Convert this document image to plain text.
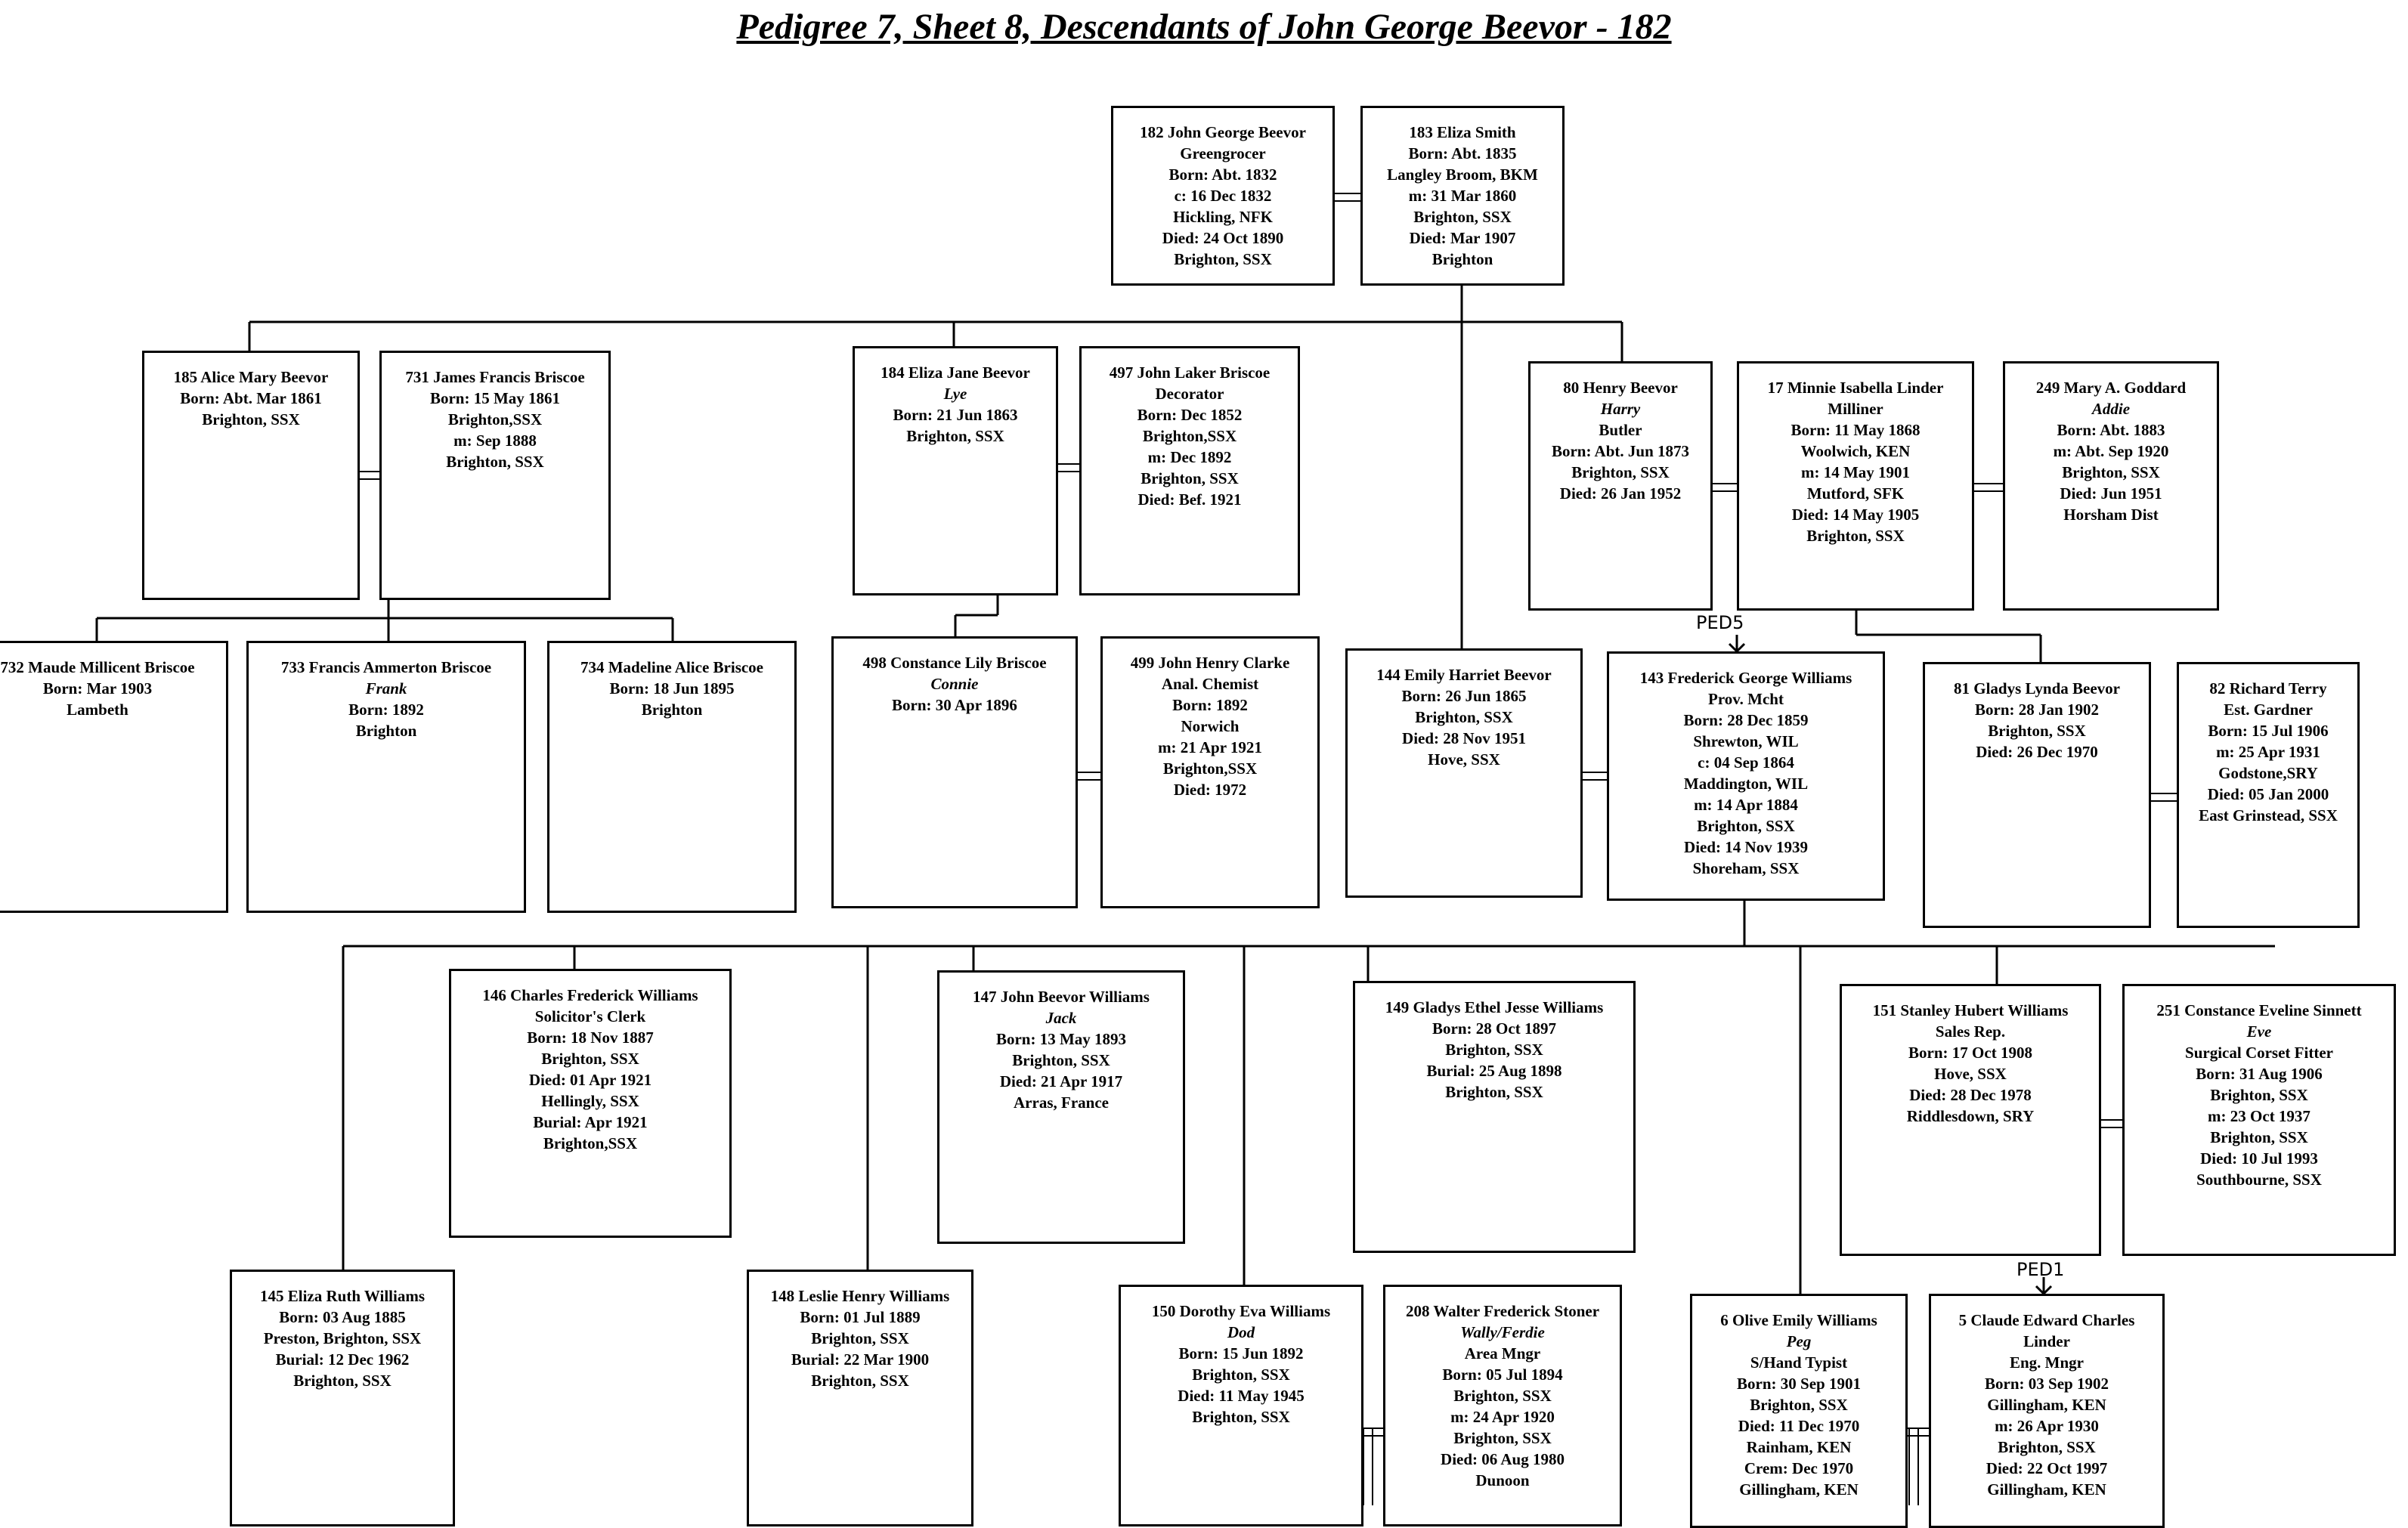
Pedigree 7, Sheet 8, Descendants of John George Beevor - 182
182 John George Beevor
Greengrocer
Born: Abt. 1832
c: 16 Dec 1832
Hickling, NFK
Died: 24 Oct 1890
Brighton, SSX
183 Eliza Smith
Born: Abt. 1835
Langley Broom, BKM
m: 31 Mar 1860
Brighton, SSX
Died: Mar 1907
Brighton
185 Alice Mary Beevor
Born: Abt. Mar 1861
Brighton, SSX
731 James Francis Briscoe
Born: 15 May 1861
Brighton,SSX
m: Sep 1888
Brighton, SSX
184 Eliza Jane Beevor
Lye
Born: 21 Jun 1863
Brighton, SSX
497 John Laker Briscoe
Decorator
Born: Dec 1852
Brighton,SSX
m: Dec 1892
Brighton, SSX
Died: Bef. 1921
80 Henry Beevor
Harry
Butler
Born: Abt. Jun 1873
Brighton, SSX
Died: 26 Jan 1952
17 Minnie Isabella Linder
Milliner
Born: 11 May 1868
Woolwich, KEN
m: 14 May 1901
Mutford, SFK
Died: 14 May 1905
Brighton, SSX
249 Mary A. Goddard
Addie
Born: Abt. 1883
m: Abt. Sep 1920
Brighton, SSX
Died: Jun 1951
Horsham Dist
732 Maude Millicent Briscoe
Born: Mar 1903
Lambeth
733 Francis Ammerton Briscoe
Frank
Born: 1892
Brighton
734 Madeline Alice Briscoe
Born: 18 Jun 1895
Brighton
498 Constance Lily Briscoe
Connie
Born: 30 Apr 1896
499 John Henry Clarke
Anal. Chemist
Born: 1892
Norwich
m: 21 Apr 1921
Brighton,SSX
Died: 1972
144 Emily Harriet Beevor
Born: 26 Jun 1865
Brighton, SSX
Died: 28 Nov 1951
Hove, SSX
143 Frederick George Williams
Prov. Mcht
Born: 28 Dec 1859
Shrewton, WIL
c: 04 Sep 1864
Maddington, WIL
m: 14 Apr 1884
Brighton, SSX
Died: 14 Nov 1939
Shoreham, SSX
81 Gladys Lynda Beevor
Born: 28 Jan 1902
Brighton, SSX
Died: 26 Dec 1970
82 Richard Terry
Est. Gardner
Born: 15 Jul 1906
m: 25 Apr 1931
Godstone,SRY
Died: 05 Jan 2000
East Grinstead, SSX
146 Charles Frederick Williams
Solicitor's Clerk
Born: 18 Nov 1887
Brighton, SSX
Died: 01 Apr 1921
Hellingly, SSX
Burial: Apr 1921
Brighton,SSX
147 John Beevor Williams
Jack
Born: 13 May 1893
Brighton, SSX
Died: 21 Apr 1917
Arras, France
149 Gladys Ethel Jesse Williams
Born: 28 Oct 1897
Brighton, SSX
Burial: 25 Aug 1898
Brighton, SSX
151 Stanley Hubert Williams
Sales Rep.
Born: 17 Oct 1908
Hove, SSX
Died: 28 Dec 1978
Riddlesdown, SRY
251 Constance Eveline Sinnett
Eve
Surgical Corset Fitter
Born: 31 Aug 1906
Brighton, SSX
m: 23 Oct 1937
Brighton, SSX
Died: 10 Jul 1993
Southbourne, SSX
145 Eliza Ruth Williams
Born: 03 Aug 1885
Preston, Brighton, SSX
Burial: 12 Dec 1962
Brighton, SSX
148 Leslie Henry Williams
Born: 01 Jul 1889
Brighton, SSX
Burial: 22 Mar 1900
Brighton, SSX
150 Dorothy Eva Williams
Dod
Born: 15 Jun 1892
Brighton, SSX
Died: 11 May 1945
Brighton, SSX
208 Walter Frederick Stoner
Wally/Ferdie
Area Mngr
Born: 05 Jul 1894
Brighton, SSX
m: 24 Apr 1920
Brighton, SSX
Died: 06 Aug 1980
Dunoon
6 Olive Emily Williams
Peg
S/Hand Typist
Born: 30 Sep 1901
Brighton, SSX
Died: 11 Dec 1970
Rainham, KEN
Crem: Dec 1970
Gillingham, KEN
5 Claude Edward Charles
Linder
Eng. Mngr
Born: 03 Sep 1902
Gillingham, KEN
m: 26 Apr 1930
Brighton, SSX
Died: 22 Oct 1997
Gillingham, KEN
PED5
PED1
